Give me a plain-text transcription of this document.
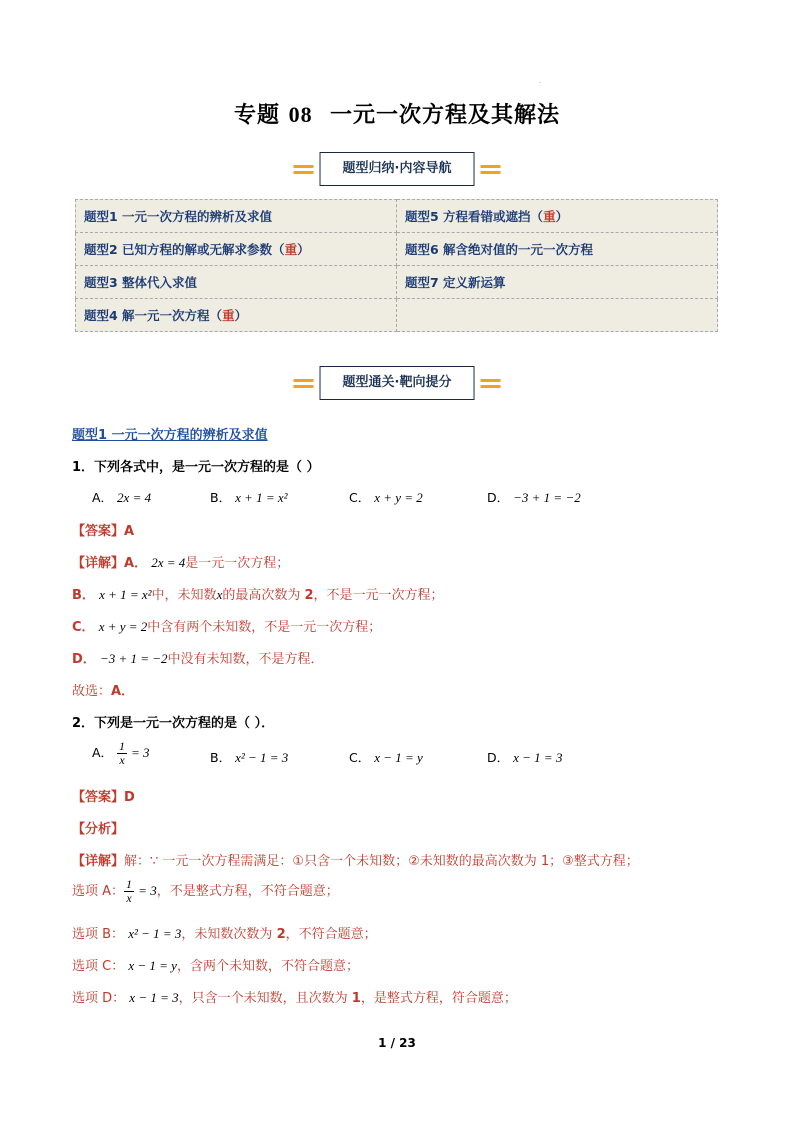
·
专题 08 一元一次方程及其解法
题型归纳·内容导航
题型1 一元一次方程的辨析及求值	题型5 方程看错或遮挡（重）
题型2 已知方程的解或无解求参数（重）	题型6 解含绝对值的一元一次方程
题型3 整体代入求值	题型7 定义新运算
题型4 解一元一次方程（重）	
题型通关·靶向提分
题型1 一元一次方程的辨析及求值
1．下列各式中，是一元一次方程的是（ ）
A． 2x = 4	B． x + 1 = x²	C． x + y = 2	D． −3 + 1 = −2
【答案】A
【详解】A． 2x = 4是一元一次方程；
B． x + 1 = x²中，未知数x的最高次数为 2，不是一元一次方程；
C． x + y = 2中含有两个未知数，不是一元一次方程；
D． −3 + 1 = −2中没有未知数，不是方程．
故选：A．
2．下列是一元一次方程的是（ ）．
A． $\frac{1}{x} = 3$	B． x² − 1 = 3	C． x − 1 = y	D． x − 1 = 3
【答案】D
【分析】
【详解】解：∵ 一元一次方程需满足：①只含一个未知数；②未知数的最高次数为 1；③整式方程；
选项 A： $\frac{1}{x} = 3$，不是整式方程，不符合题意；
选项 B： x² − 1 = 3，未知数次数为 2，不符合题意；
选项 C： x − 1 = y，含两个未知数，不符合题意；
选项 D： x − 1 = 3，只含一个未知数，且次数为 1，是整式方程，符合题意；
1 / 23
